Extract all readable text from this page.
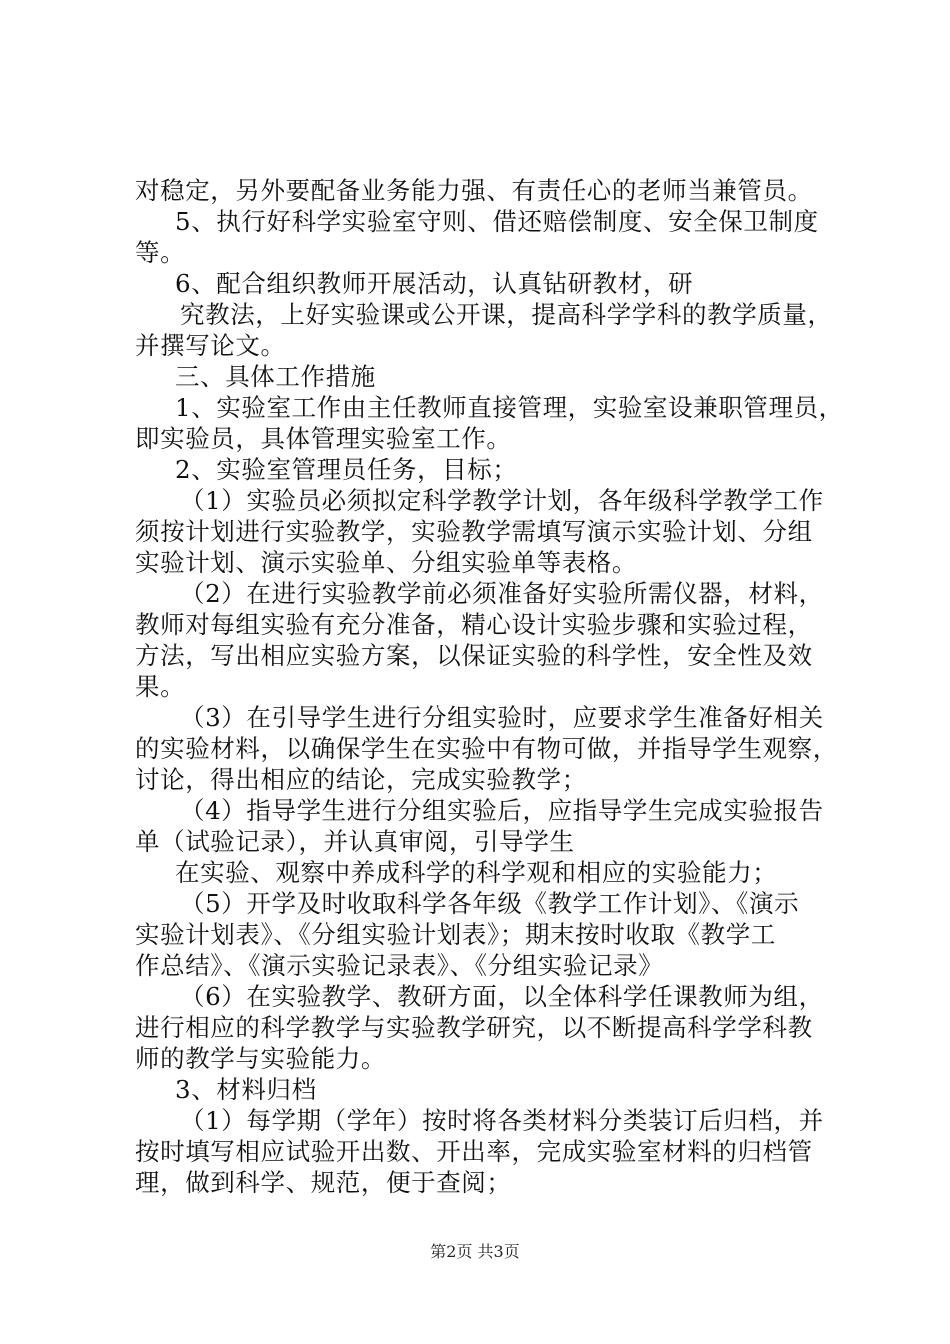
对稳定，另外要配备业务能力强、有责任心的老师当兼管员。
5、执行好科学实验室守则、借还赔偿制度、安全保卫制度
等。
6、配合组织教师开展活动，认真钻研教材，研
究教法，上好实验课或公开课，提高科学学科的教学质量，
并撰写论文。
三、具体工作措施
1、实验室工作由主任教师直接管理，实验室设兼职管理员，
即实验员，具体管理实验室工作。
2、实验室管理员任务，目标；
（1）实验员必须拟定科学教学计划，各年级科学教学工作
须按计划进行实验教学，实验教学需填写演示实验计划、分组
实验计划、演示实验单、分组实验单等表格。
（2）在进行实验教学前必须准备好实验所需仪器，材料，
教师对每组实验有充分准备，精心设计实验步骤和实验过程，
方法，写出相应实验方案，以保证实验的科学性，安全性及效
果。
（3）在引导学生进行分组实验时，应要求学生准备好相关
的实验材料，以确保学生在实验中有物可做，并指导学生观察，
讨论，得出相应的结论，完成实验教学；
（4）指导学生进行分组实验后，应指导学生完成实验报告
单（试验记录），并认真审阅，引导学生
在实验、观察中养成科学的科学观和相应的实验能力；
（5）开学及时收取科学各年级《教学工作计划》、《演示
实验计划表》、《分组实验计划表》；期末按时收取《教学工
作总结》、《演示实验记录表》、《分组实验记录》
（6）在实验教学、教研方面，以全体科学任课教师为组，
进行相应的科学教学与实验教学研究，以不断提高科学学科教
师的教学与实验能力。
3、材料归档
（1）每学期（学年）按时将各类材料分类装订后归档，并
按时填写相应试验开出数、开出率，完成实验室材料的归档管
理，做到科学、规范，便于查阅；
第2页 共3页
